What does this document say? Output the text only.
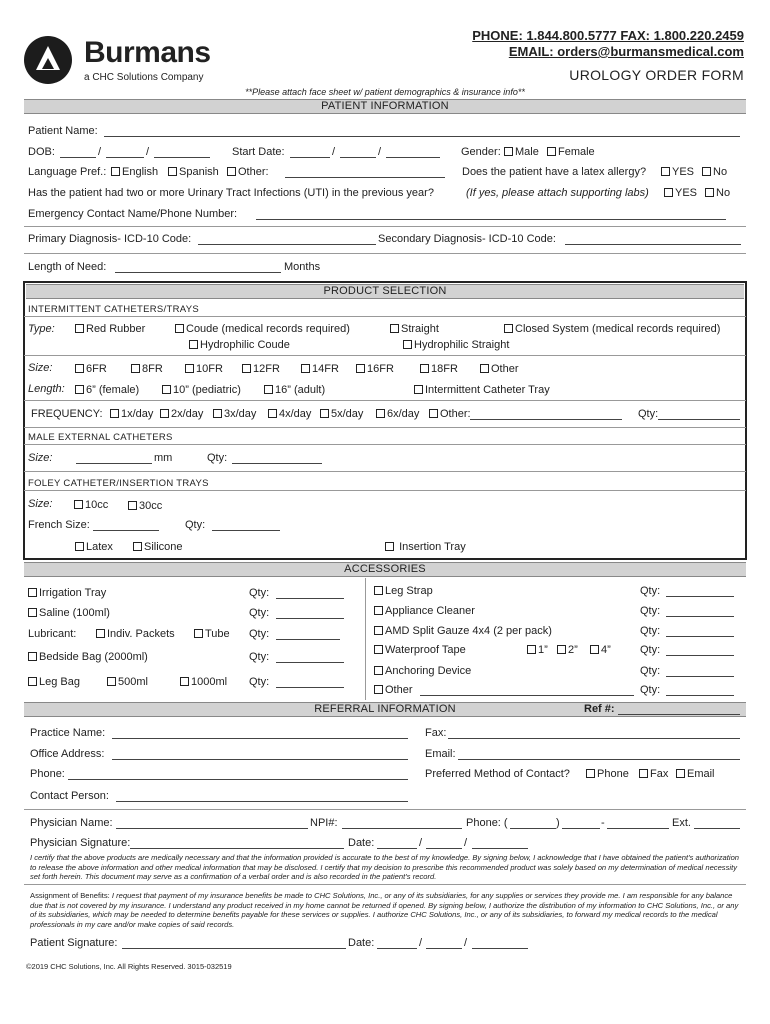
Burmans
a CHC Solutions Company
PHONE: 1.844.800.5777 FAX: 1.800.220.2459
EMAIL: orders@burmansmedical.com
UROLOGY ORDER FORM
**Please attach face sheet w/ patient demographics & insurance info**
PATIENT INFORMATION
Patient Name:
DOB:	/	/	Start Date:	/	/	Gender:	Male	Female
Language Pref.:	English	Spanish	Other:	Does the patient have a latex allergy?	YES	No
Has the patient had two or more Urinary Tract Infections (UTI) in the previous year?	(If yes, please attach supporting labs)	YES	No
Emergency Contact Name/Phone Number:
Primary Diagnosis- ICD-10 Code:	Secondary Diagnosis- ICD-10 Code:
Length of Need:	Months
PRODUCT SELECTION
INTERMITTENT CATHETERS/TRAYS
Type:	Red Rubber	Coude (medical records required)	Straight	Closed System (medical records required)
Hydrophilic Coude	Hydrophilic Straight
Size:	6FR	8FR	10FR	12FR	14FR	16FR	18FR	Other
Length:	6” (female)	10” (pediatric)	16” (adult)	Intermittent Catheter Tray
FREQUENCY:	1x/day	2x/day	3x/day	4x/day	5x/day	6x/day	Other:	Qty:
MALE EXTERNAL CATHETERS
Size:	mm	Qty:
FOLEY CATHETER/INSERTION TRAYS
Size:	10cc	30cc
French Size:	Qty:
Latex	Silicone	Insertion Tray
ACCESSORIES
Irrigation Tray	Qty:
Saline (100ml)	Qty:
Lubricant:	Indiv. Packets	Tube Qty:
Bedside Bag (2000ml)	Qty:
Leg Bag	500ml	1000ml Qty:
Leg Strap	Qty:
Appliance Cleaner	Qty:
AMD Split Gauze 4x4 (2 per pack)	Qty:
Waterproof Tape	1”	2”	4”	Qty:
Anchoring Device	Qty:
Other	Qty:
REFERRAL INFORMATION	Ref #:
Practice Name:	Fax:
Office Address:	Email:
Phone:	Preferred Method of Contact?	Phone	Fax	Email
Contact Person:
Physician Name:	NPI#:	Phone: (	)	-	Ext.
Physician Signature:	Date:	/	/
I certify that the above products are medically necessary and that the information provided is accurate to the best of my knowledge. By signing below, I acknowledge that I have obtained the patient’s authorization to release the above information and other medical information that may be disclosed. I certify that my decision to prescribe this recommended product was solely based on my determination of medical necessity set forth herein. This document may serve as a confirmation of a verbal order and is also recorded in the patient’s record.
Assignment of Benefits: I request that payment of my insurance benefits be made to CHC Solutions, Inc., or any of its subsidiaries, for any supplies or services they provide me. I am responsible for any balance due that is not covered by my insurance. I understand any product received in my home cannot be returned if opened. By signing below, I authorize the distribution of my information to CHC Solutions, Inc., or any of its subsidiaries, which may be needed to determine benefits payable for these services or supplies. I authorize CHC Solutions, Inc., or any of its subsidiaries, to forward my medical records to the medical professionals in my care and/or make copies of said records.
Patient Signature:	Date:	/	/
©2019 CHC Solutions, Inc. All Rights Reserved. 3015-032519
